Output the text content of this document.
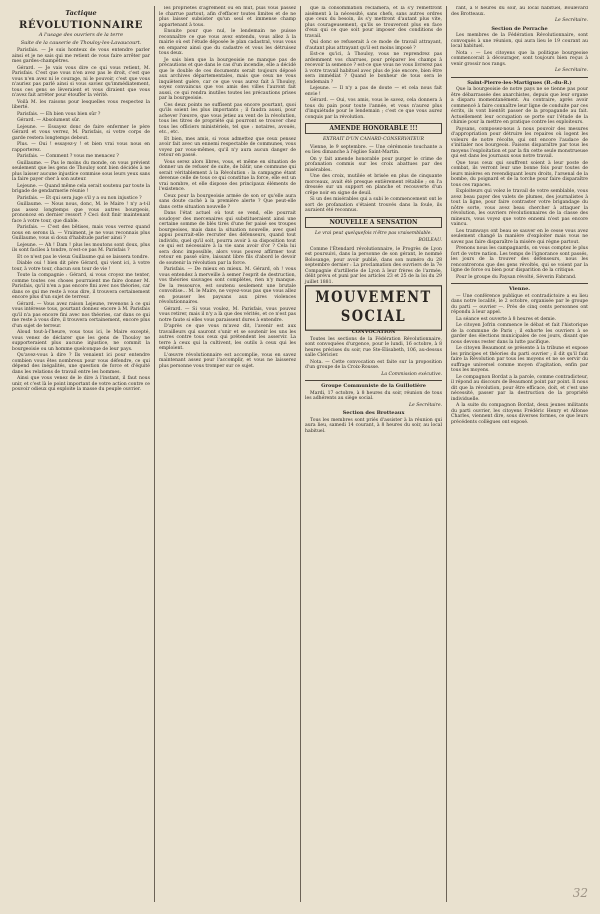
Tactique
RÉVOLUTIONNAIRE
A l'usage des ouvriers de la terre
Suite de la causerie de Thouloy-les-Lavaucourt.

Parisfais. — Je suis honteux de vous entendre parler ainsi et je ne sais qui me retient de vous faire arrêter par mes gardes-champêtres.

Gérard. — Je vais vous dire ce qui vous retient, M. Parisfais. C'est que vous n'en avez pas le droit, c'est que vous n'en avez ni le courage, ni le pouvoir, c'est que vous n'auriez pas parlé ainsi si vous saviez qu'immédiatement, tous ces gens se lèveraient et vous diraient que vous n'avez fait arrêter pour étouffer la vérité.

Voilà M. les raisons pour lesquelles vous respectez la liberté.

Parisfais. — Eh bien vous bien sûr ?

Gérard. — Absolument sûr.

Lejeune. — Essayez donc de faire enfermer le père Gérard et vous verrez, M. Parisfais, si votre corps de garde restera longtemps debout.

Plus. — Oui ! essayez-y ! et bien vrai vous nous en rapporterez.

Parisfais. — Comment ? vous me menacez ?

Guillaume. — Pas le moins du monde, on vous prévient seulement que les gens de Thouloy sont bien décidés à ne plus laisser aucune injustice commise sous leurs yeux sans la faire payer cher à son auteur.

Lejeune. — Quand même cela serait soutenu par toute la brigade de gendarmerie réunie !

Parisfais. — Et qui sera juge s'il y a ou non injustice ?

Guillaume. — Nous nous, donc, M. le Maire ! n'y a-t-il pas assez longtemps que vous autres bourgeois, prononcez en dernier ressort ? Ceci doit finir maintenant face à votre tour, que diable.

Parisfais. — C'est des bêtises, mais vous verrez quand nous en serons là. — Vraiment, je ne vous reconnais plus Guillaume, vous si doux d'habitude parler ainsi ?

Lejeune. — Ah ! Dam ! plus les moutons sont doux, plus ils sont faciles à tondre, n'est-ce pas M. Parisfais ?

Et ce n'est pas le vieux Guillaume qui se laissera tondre.

Diable oui ! bien dit père Gérard, qui vient ici, à votre tour, à votre tour, chacun son tour de vie !

Toute la compagnie : Gérard, si vous croyez me tenter, comme toutes ces choses pourraient me faire donner M. Parisfais, qu'il n'en a pas encore fini avec nos théories, car dans ce qui me reste à vous dire, il trouvera certainement encore plus d'un sujet de terreur.

Gérard. — Vous avez raison Lejeune, revenons à ce qui vous intéresse tous, pourtant donnez encore à M. Parisfais qu'il n'a pas encore fini avec nos théories, car dans ce qui me reste à vous dire, il trouvera certainement, encore plus d'un sujet de terreur.

Aloud tout-à-l'heure, vous tous ici, le Maire excepté, vous venez de déclarer que les gens de Thouloy ne supporteraient plus aucune injustice, ne commit la bourgeoisie ou un homme quelconque de leur pays.

Qu'avez-vous à dire ? Ils venaient ici pour entendre combien vous êtes nombreux pour vous défendre, ce qui dépend des inégalités, une question de force et d'équité dans les relations de travail entre les hommes.

Ainsi que vous venez de le dire à l'instant, il faut nous unir, et c'est là le point important de votre action contre ce pouvoir odieux qui exploite la masse du peuple ouvrier.

les propriétés d'agrément ou en mut, puis vous passez le charrue partout, afin d'effacer toutes limites et de ne plus laisser subsister qu'un seul et immense champ appartenant à tous.

Ensuite pour que nul, le lendemain ne puisse reconnaître ce que vous avez entendu, vous allez à la mairie où est l'étude déposée le plan cadastral, vous vous en emparez ainsi que du cadastre et vous les détruisez tous deux.

Je sais bien que la bourgeoisie ne manque pas de précautions et que dans le cas d'un incendie, elle a décidé que le double de ces documents serait toujours déposé aux archives départementales, mais que ceux ne vous inquiètent guère, car ce que vous aurez fait à Thouloy, soyez convaincus que vos amis des villes l'auront fait aussi, ce qui rendra inutiles toutes les précautions prises par la bourgeoisie.

Ces deux points ne suffisent pas encore pourtant, quoi qu'ils soient les plus importants ; il faudra aussi, pour achever l'œuvre, que vous jetiez au vent de la révolution, tous les titres de propriété qui pourront se trouver chez tous les officiers ministériels, tel que : notaires, avoués, etc., etc.

Et bien, mes amis, si vous admettez que ceux pensez avoir fait avec un ennemi respectable de communes, vous voyez par vous-mêmes, qu'il n'y aura aucun danger de retour en passé.

Vous serez alors libres, vous, et même en situation de donner un de refuser de suite, de bâtir, une commune qui serait véritablement à la Révolution : la campagne étant devenue celle de tous ce qui constitue la force, elle est un vrai nombre, et elle dispose des principaux éléments de l'existence.

Ceux pour la bourgeoisie armée de son or qu'elle aura sans doute caché à la première alerte ? Que peut-elle dans cette situation nouvelle ?

Dans l'état actuel où tout se vend, elle pourrait soudoyer des mercenaires qui substitueraient ainsi une certaine somme de blés tirés d'une fer paisé ses troupes bourgeoises, mais dans la situation nouvelle, avec quel appui pourrait-elle recruter des défenseurs, quand tout individu, quel qu'il soit, pourra avoir à sa disposition tout ce qui est nécessaire à la vie sans avoir d'or ? Cela lui sera donc impossible, alors vous pouvez affirmer tout retour en passé sûre, laissant libre fils d'abord le devoir de soutenir la révolution par la force.

Parisfais. — De mieux en mieux. M. Gérard, oh ! vous vous entendez à merveille à semer l'esprit de destruction, vos théories sauvages sont complètes, rien n'y manque. De la ressource, est soutenu seulement une brutale convoitise... M. le Maire, ne voyez-vous pas que vous allez en pousser les paysans aux pires violences révolutionnaires.

Gérard. — Si vous voulez, M. Parisfais, vous pouvez vous retirer, mais il n'y a là que des vérités, et ce n'est pas notre faute si elles vous paraissent dures à entendre.

D'après ce que vous m'avez dit, l'avenir est aux travailleurs qui sauront s'unir et se soutenir les uns les autres contre tous ceux qui prétendent les asservir. La terre à ceux qui la cultivent, les outils à ceux qui les emploient.

L'œuvre révolutionnaire est accomplie, vous en savez maintenant assez pour l'accomplir, et vous ne laisserez plus personne vous tromper sur ce sujet.

que la consommation réclamera, et là s'y remettront aisément à la nécessité, sans chefs, sans autres ordres que ceux du besoin, ils s'y mettront d'autant plus vite, plus courageusement, qu'ils se trouveront plus en face d'eux qui ce que soit pour imposer des conditions de travail.

Qui donc se refuserait à ce mode de travail attrayant, d'autant plus attrayant qu'il est moins imposé ?

Est-ce qu'ici, à Thouloy, vous ne reprendrez pas ardemment vos charrues, pour préparer les champs à recevoir la semence ? est-ce que vous ne vous livrerez pas à votre travail habituel avec plus de joie encore, bien être sera immédiat ? Quand le bonheur de tous sera le lendemain ?

Lejeune. — Il n'y a pas de doute — et cela nous fait envie !

Gérard. — Oui, vos amis, vous le savez, cela donnera à tous du pain pour toute l'année, et vous n'aurez plus d'inquiétude pour le lendemain ; c'est ce que vous aurez conquis par la révolution.

AMENDE HONORABLE !!!
EXTRAIT D'UN CANARD-CONSERVATEUR

Vienne, le 9 septembre. — Une cérémonie touchante a eu lieu dimanche à l'église Saint-Martin.

On y fait amende honorable pour purger le crime de profanation commis sur les croix abattues par des misérables.

Une des croix, mutilée et brisée en plus de cinquante morceaux, avait été presque entièrement rétablie ; on l'a dressée sur un support en planche et recouverte d'un crêpe noir en signe de deuil.

Si un des misérables qui a subi le commencement ont le sort de profanation s'étaient trouvés dans la foule, ils auraient été reconnus.

NOUVELLE A SENSATION
Le vrai peut quelquefois n'être pas vraisemblable.
BOILEAU.

Comme l'Étendard révolutionnaire, le Progrès de Lyon est poursuivi, dans la personne de son gérant, le nommé Bolosange, pour avoir publié, dans son numéro du 28 septembre dernier : La proclamation des ouvriers de la 7e Compagnie d'artillerie de Lyon à leur frères de l'armée, délit prévu et puni par les articles 23 et 25 de la loi du 29 juillet 1881.

MOUVEMENT SOCIAL
CONVOCATION

Toutes les sections de la Fédération Révolutionnaire, sont convoquées d'urgence, pour le lundi, 16 octobre, à 8 heures précises du soir, rue Ste-Elisabeth, 106, au-dessus salle Cléricier.

Nota. — Cette convocation est faite sur la proposition d'un groupe de la Croix-Rousse.

La Commission exécutive.
Groupe Communiste de la Guillotière

Mardi, 17 octobre, à 8 heures du soir, réunion de tous les adhérents au siège social.

Le Secrétaire.
Section des Brotteaux

Tous les membres sont priés d'assister à la réunion qui aura lieu, samedi 14 courant, à 8 heures du soir, au local habituel.

rant, à 8 heures du soir, au local habituel, Boulevard des Brotteaux.

Le Secrétaire.
Section de Perrache

Les membres de la Fédération Révolutionnaire, sont convoqués à une réunion, qui aura lieu le 19 courant au local habituel.

Nota : — Les citoyens que la politique bourgeoise commencerait à décourager, sont toujours bien reçus à venir grossir nos rangs.

Le Secrétaire.
Saint-Pierre-les-Martigues (B.-du-R.)

Que la bourgeoisie de notre pays ne se tienne pas pour être débarrassée des anarchistes, depuis que leur organe a disparu momentanément. Au contraire, après avoir commencé à faire connaître leur ligne de conduite par ces écrits, ils vont bientôt passer de la propagande au fait. Actuellement leur occupation se porte sur l'étude de la chimie pour la mettre en pratique contre les exploiteurs.

Paysans, composez-nous à nous pouvoir des mesures d'appropriation pour détruire les repaires où logent les voleurs de notre récolte, qui ont encore l'audace de s'initialer nos bourgeois. Faisons disparaître par tous les moyens l'exploitation et par la fin cette seule monstrueuse qui est dans les journaux sous notre travail.

Que tous ceux qui souffrent soient à leur poste de combat, ils verront leur une bonne fois pour toutes de leurs misères en revendiquant leurs droits, l'arsenal de la bombe, du poignard et de la torche pour faire disparaître tous ces rapaces.

Exploiteurs qui volez le travail de votre semblable, vous avez beau payer des valets de plumes, des journalistes à tout la ligne, pour faire contraster votre brigandage du nôtre sorte, vous avez beau chercher à attaquer la révolution, les ouvriers révolutionnaires de la classe des mineurs, vous voyez que votre ennemi n'est pas encore vaincu.

Les tramways ont beau se sauver en le cesse vous avez seulement changé la manière d'exploiter mais vous ne savez pas faire disparaître la misère qui règne partout.

Prenons nous les campagnards, on vous comptez le plus fort de votre nation. Les temps de l'ignorance sont passés, les jours de la trouver des défenseurs, nous les rencontrerons que des gens révoltés, qui se voient par la ligne de force ou bien pour disparition de la critique.

Pour le groupe du Paysan révolté, Séverin Fabrand.

Vienne.

— Une conférence publique et contradictoire a eu lieu dans notre localité, le 2 octobre, organisée par le groupe du parti — ouvrier —. Près de cinq cents personnes ont répondu à leur appel.

La séance est ouverte à 8 heures et demie.

Le citoyen Jofrin commence le débat et fait l'historique de la commune de Paris ; il exhorte les ouvriers à se garder des élections municipales de ces jours, disant que nous devons rester dans la lutte pacifique.

Le citoyen Beaumont se présente à la tribune et expose les principes et théories du parti ouvrier ; il dit qu'il faut faire la Révolution par tous les moyens et ne se servir du suffrage universel comme moyen d'agitation, enfin par tous les moyens.

Le compagnon Bordat a la parole, comme contradicteur, il répond au discours de Beaumont point par point. Il nous dit que la révolution, pour être efficace, doit, et c'est une nécessité, passer par la destruction de la propriété individuelle.

A la suite du compagnon Bordat, deux jeunes militants du parti ouvrier, les citoyens Frédéric Henry et Alfonse Charles, viennent dire, sous diverses formes, ce que leurs précédents collègues ont exposé.

32
